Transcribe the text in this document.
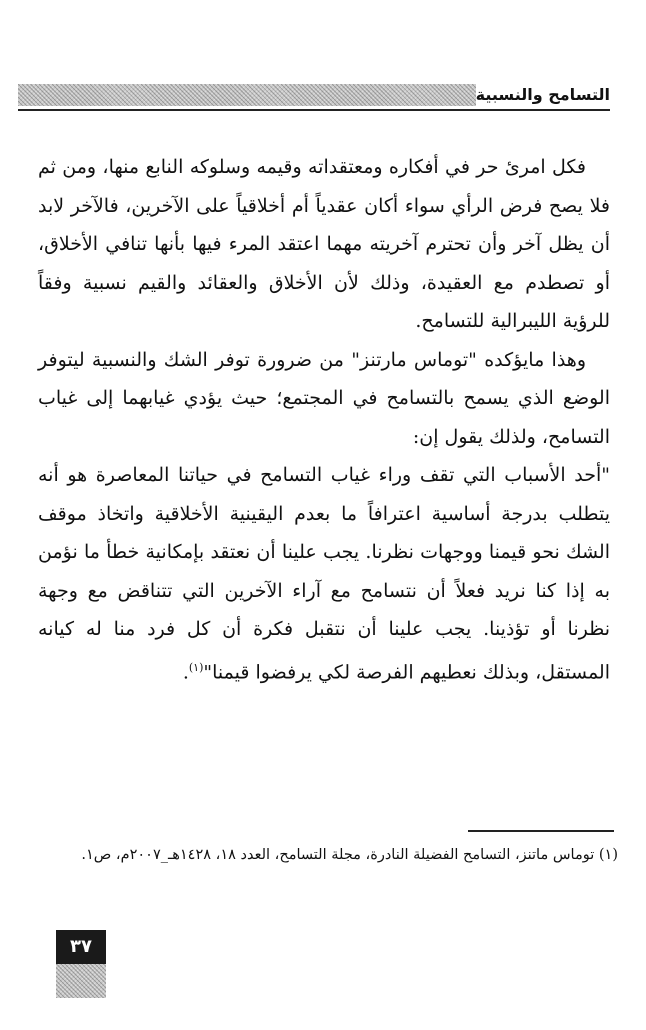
التسامح والنسبية

فكل امرئ حر في أفكاره ومعتقداته وقيمه وسلوكه النابع منها، ومن ثم فلا يصح فرض الرأي سواء أكان عقدياً أم أخلاقياً على الآخرين، فالآخر لابد أن يظل آخر وأن تحترم آخريته مهما اعتقد المرء فيها بأنها تنافي الأخلاق، أو تصطدم مع العقيدة، وذلك لأن الأخلاق والعقائد والقيم نسبية وفقاً للرؤية الليبرالية للتسامح.

وهذا مايؤكده "توماس مارتنز" من ضرورة توفر الشك والنسبية ليتوفر الوضع الذي يسمح بالتسامح في المجتمع؛ حيث يؤدي غيابهما إلى غياب التسامح، ولذلك يقول إن:

"أحد الأسباب التي تقف وراء غياب التسامح في حياتنا المعاصرة هو أنه يتطلب بدرجة أساسية اعترافاً ما بعدم اليقينية الأخلاقية واتخاذ موقف الشك نحو قيمنا ووجهات نظرنا. يجب علينا أن نعتقد بإمكانية خطأ ما نؤمن به إذا كنا نريد فعلاً أن نتسامح مع آراء الآخرين التي تتناقض مع وجهة نظرنا أو تؤذينا. يجب علينا أن نتقبل فكرة أن كل فرد منا له كيانه المستقل، وبذلك نعطيهم الفرصة لكي يرفضوا قيمنا"$^{(١)}$.

(١) توماس ماتنز، التسامح الفضيلة النادرة، مجلة التسامح، العدد ١٨، ١٤٢٨هـ_٢٠٠٧م، ص١.

٣٧
